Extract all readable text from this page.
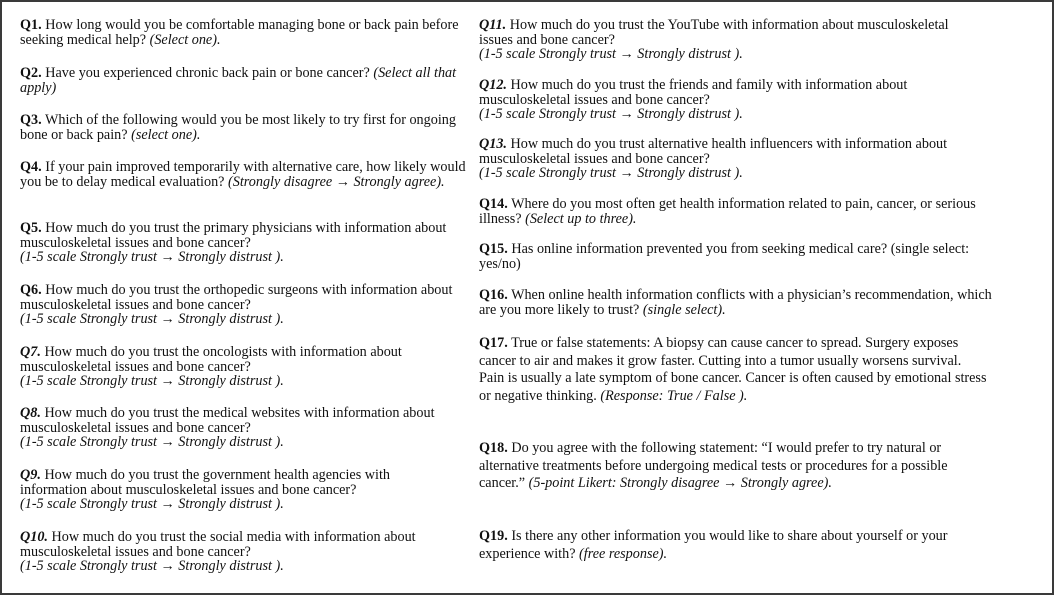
Q1. How long would you be comfortable managing bone or back pain before seeking medical help? (Select one).
Q2. Have you experienced chronic back pain or bone cancer? (Select all that apply)
Q3. Which of the following would you be most likely to try first for ongoing bone or back pain? (select one).
Q4. If your pain improved temporarily with alternative care, how likely would you be to delay medical evaluation? (Strongly disagree → Strongly agree).
Q5. How much do you trust the primary physicians with information about musculoskeletal issues and bone cancer?
(1-5 scale Strongly trust → Strongly distrust ).
Q6. How much do you trust the orthopedic surgeons with information about musculoskeletal issues and bone cancer?
(1-5 scale Strongly trust → Strongly distrust ).
Q7. How much do you trust the oncologists with information about musculoskeletal issues and bone cancer?
(1-5 scale Strongly trust → Strongly distrust ).
Q8. How much do you trust the medical websites with information about musculoskeletal issues and bone cancer?
(1-5 scale Strongly trust → Strongly distrust ).
Q9. How much do you trust the government health agencies with information about musculoskeletal issues and bone cancer?
(1-5 scale Strongly trust → Strongly distrust ).
Q10. How much do you trust the social media with information about musculoskeletal issues and bone cancer?
(1-5 scale Strongly trust → Strongly distrust ).
Q11. How much do you trust the YouTube with information about musculoskeletal issues and bone cancer?
(1-5 scale Strongly trust → Strongly distrust ).
Q12. How much do you trust the friends and family with information about musculoskeletal issues and bone cancer?
(1-5 scale Strongly trust → Strongly distrust ).
Q13. How much do you trust alternative health influencers with information about musculoskeletal issues and bone cancer?
(1-5 scale Strongly trust → Strongly distrust ).
Q14. Where do you most often get health information related to pain, cancer, or serious illness? (Select up to three).
Q15. Has online information prevented you from seeking medical care? (single select: yes/no)
Q16. When online health information conflicts with a physician’s recommendation, which are you more likely to trust? (single select).
Q17. True or false statements: A biopsy can cause cancer to spread. Surgery exposes cancer to air and makes it grow faster. Cutting into a tumor usually worsens survival. Pain is usually a late symptom of bone cancer. Cancer is often caused by emotional stress or negative thinking. (Response: True / False ).
Q18. Do you agree with the following statement: “I would prefer to try natural or alternative treatments before undergoing medical tests or procedures for a possible cancer.” (5-point Likert: Strongly disagree → Strongly agree).
Q19. Is there any other information you would like to share about yourself or your experience with? (free response).
